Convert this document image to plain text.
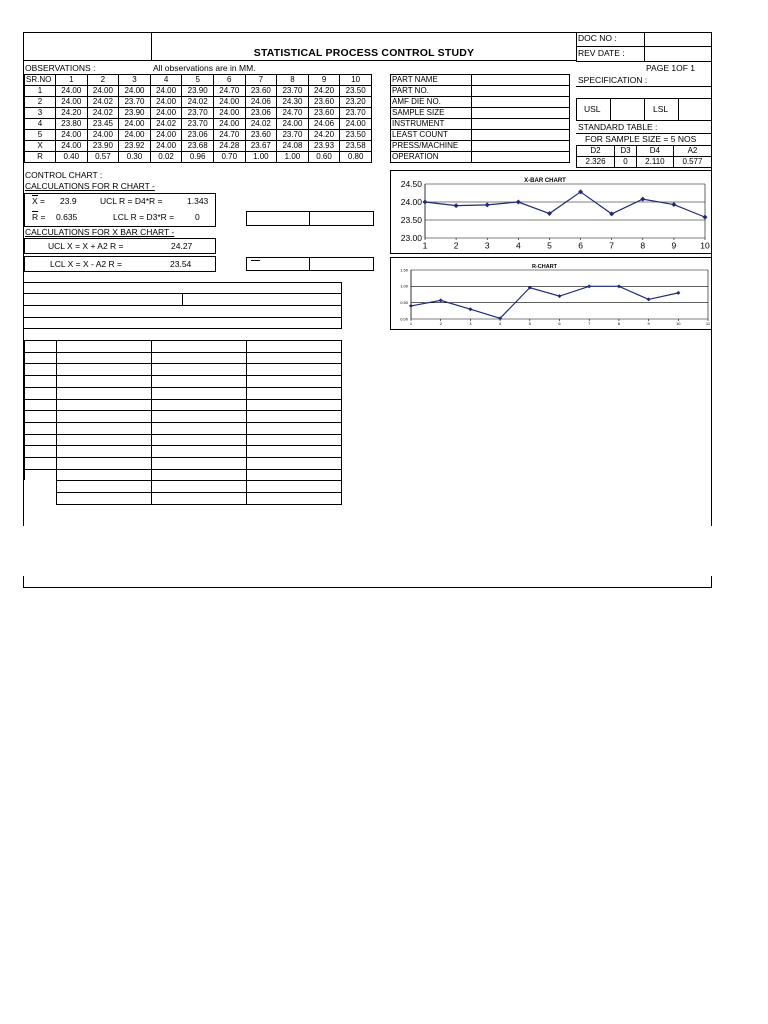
STATISTICAL PROCESS CONTROL STUDY
DOC NO :
REV DATE :
OBSERVATIONS :	All observations are in MM.	PAGE 1OF 1
SR.NO	1	2	3	4	5	6	7	8	9	10
1	24.00	24.00	24.00	24.00	23.90	24.70	23.60	23.70	24.20	23.50
2	24.00	24.02	23.70	24.00	24.02	24.00	24.06	24.30	23.60	23.20
3	24.20	24.02	23.90	24.00	23.70	24.00	23.06	24.70	23.60	23.70
4	23.80	23.45	24.00	24.02	23.70	24.00	24.02	24.00	24.06	24.00
5	24.00	24.00	24.00	24.00	23.06	24.70	23.60	23.70	24.20	23.50
$\overline{X}$	24.00	23.90	23.92	24.00	23.68	24.28	23.67	24.08	23.93	23.58
R	0.40	0.57	0.30	0.02	0.96	0.70	1.00	1.00	0.60	0.80
PART NAME	
PART NO.	
AMF DIE NO.	
SAMPLE SIZE	
INSTRUMENT	
LEAST COUNT	
PRESS/MACHINE	
OPERATION	
SPECIFICATION :
USL	LSL
STANDARD TABLE :
FOR SAMPLE SIZE = 5 NOS
D2	D3	D4	A2
2.326	0	2.110	0.577
CONTROL CHART :
CALCULATIONS FOR R CHART -
X = 23.9	UCL R = D4*R =	1.343
$\overline{R} = 0.635$	LCL R = D3*R = 0
CALCULATIONS FOR X BAR CHART -
UCL X = X + A2 R =	24.27
LCL X = X - A2 R =	23.54
X-BAR CHART
23.00
23.50
24.00
24.50
1	2	3	4	5	6	7	8	9	10
R-CHART
0.00
0.50
1.00
1.50
1	2	3	4	5	6	7	8	9	10	11
